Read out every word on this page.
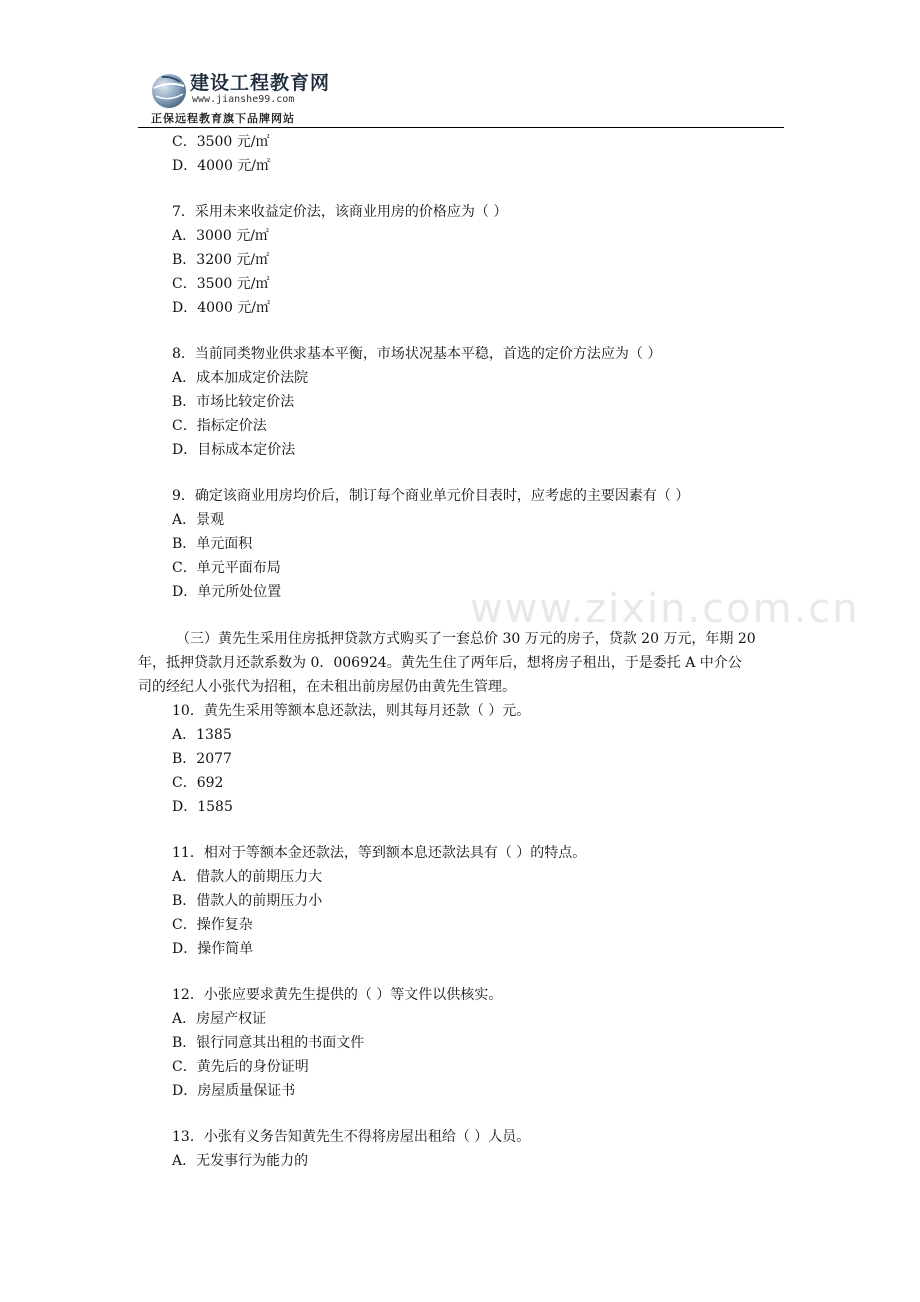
建设工程教育网
www.jianshe99.com
正保远程教育旗下品牌网站
www.zixin.com.cn
C．3500 元/㎡
D．4000 元/㎡
7．采用未来收益定价法，该商业用房的价格应为（ ）
A．3000 元/㎡
B．3200 元/㎡
C．3500 元/㎡
D．4000 元/㎡
8．当前同类物业供求基本平衡，市场状况基本平稳，首选的定价方法应为（ ）
A．成本加成定价法院
B．市场比较定价法
C．指标定价法
D．目标成本定价法
9．确定该商业用房均价后，制订每个商业单元价目表时，应考虑的主要因素有（ ）
A．景观
B．单元面积
C．单元平面布局
D．单元所处位置
（三）黄先生采用住房抵押贷款方式购买了一套总价 30 万元的房子，贷款 20 万元，年期 20
年，抵押贷款月还款系数为 0．006924。黄先生住了两年后，想将房子租出，于是委托 A 中介公
司的经纪人小张代为招租，在未租出前房屋仍由黄先生管理。
10．黄先生采用等额本息还款法，则其每月还款（ ）元。
A．1385
B．2077
C．692
D．1585
11．相对于等额本金还款法，等到额本息还款法具有（ ）的特点。
A．借款人的前期压力大
B．借款人的前期压力小
C．操作复杂
D．操作简单
12．小张应要求黄先生提供的（ ）等文件以供核实。
A．房屋产权证
B．银行同意其出租的书面文件
C．黄先后的身份证明
D．房屋质量保证书
13．小张有义务告知黄先生不得将房屋出租给（ ）人员。
A．无发事行为能力的
